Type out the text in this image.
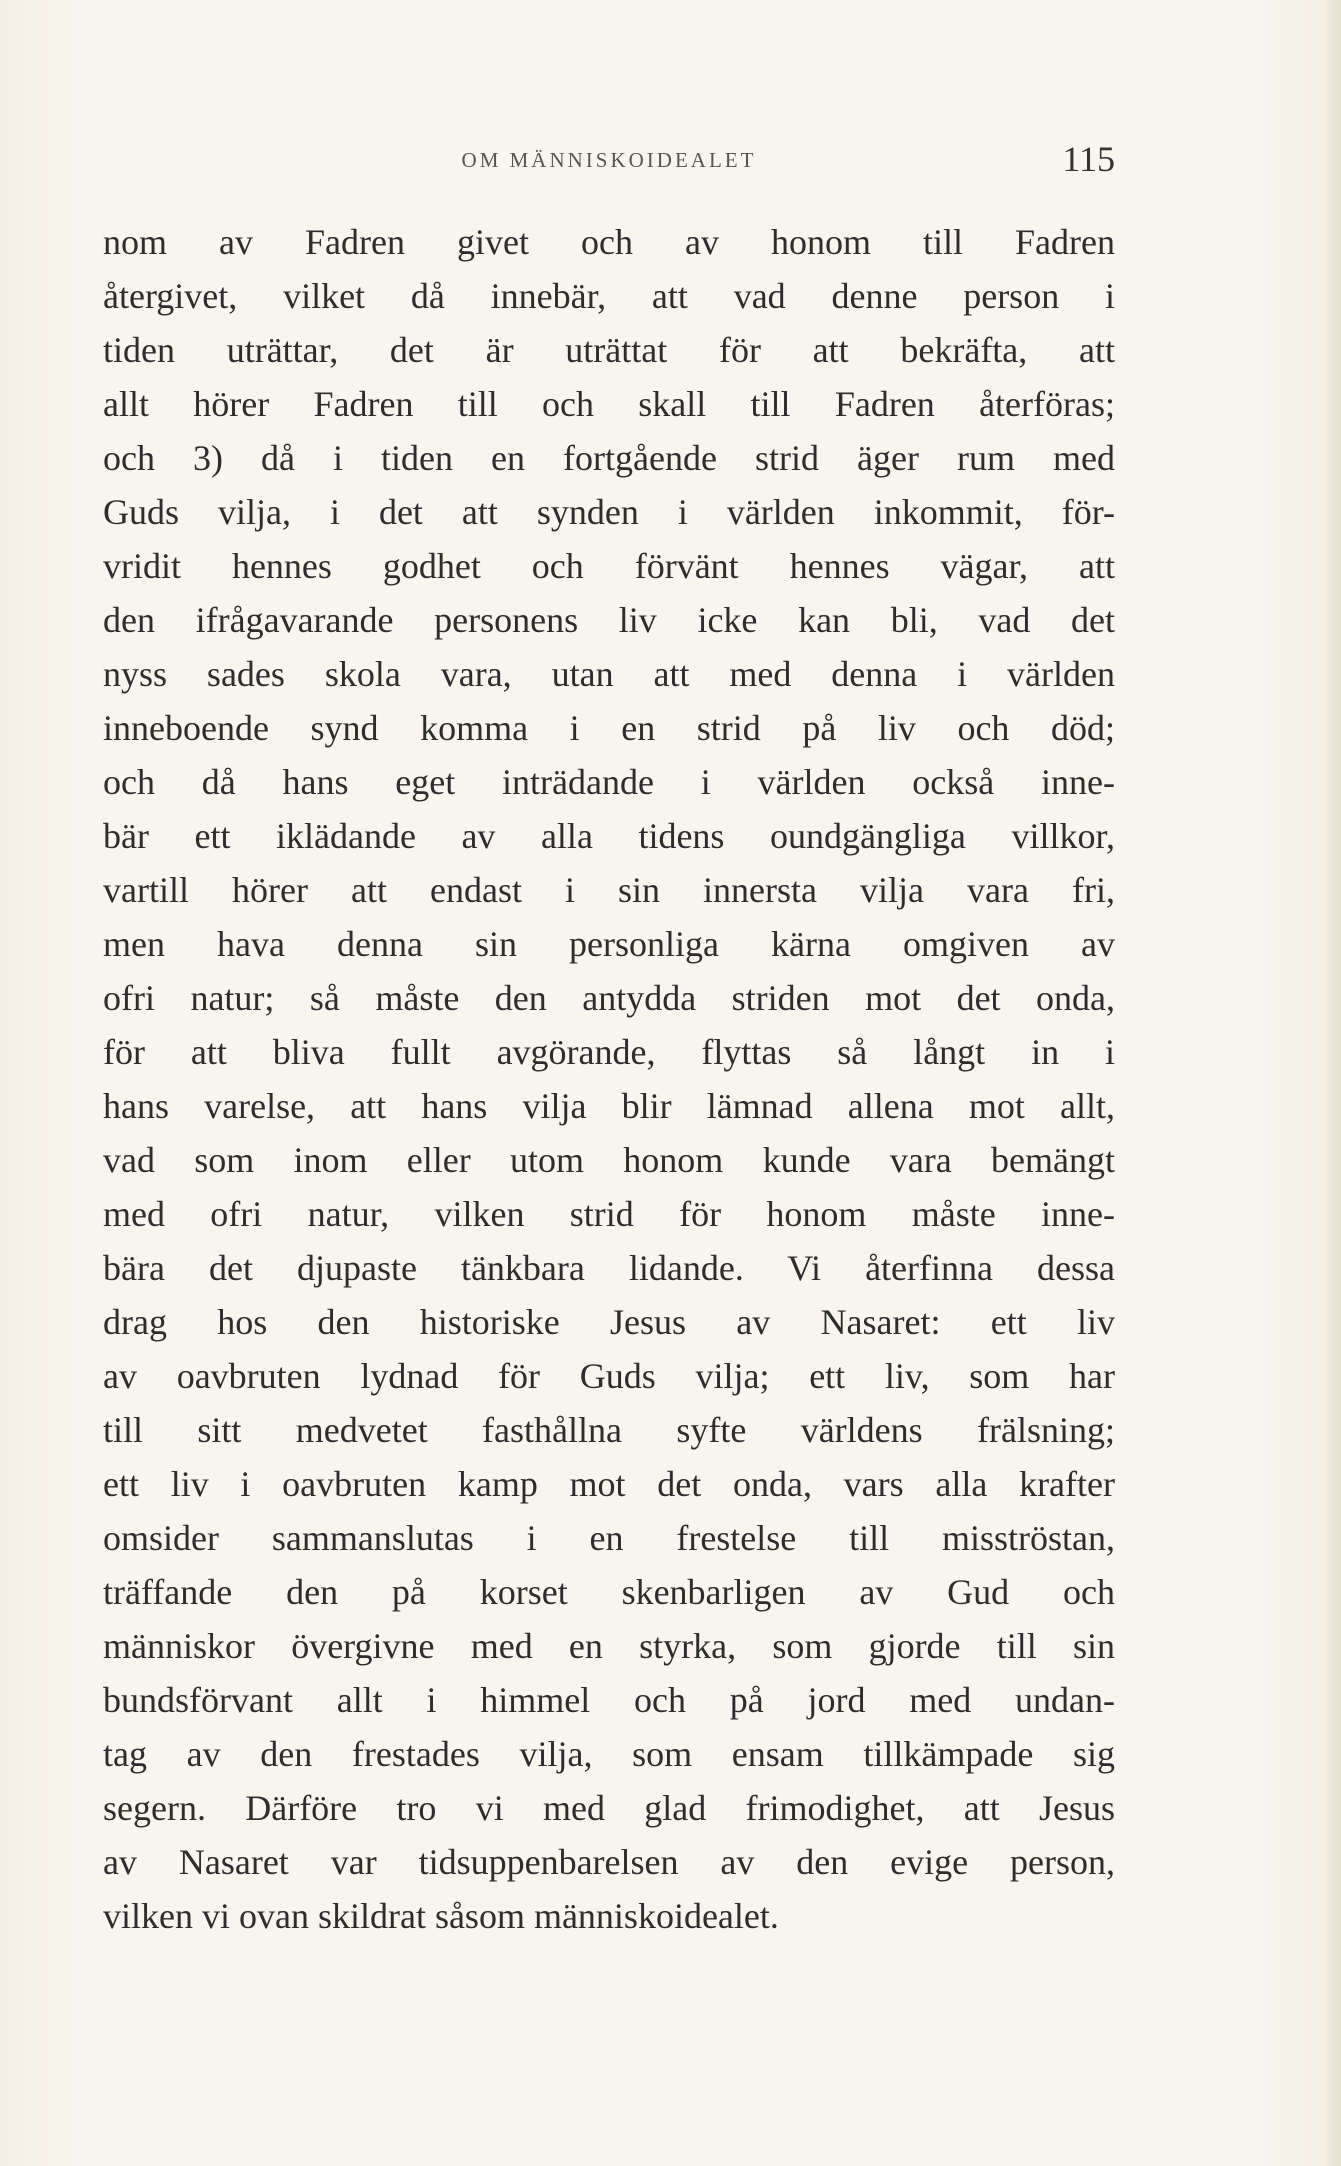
OM MÄNNISKOIDEALET	115
nom av Fadren givet och av honom till Fadren
återgivet, vilket då innebär, att vad denne person i
tiden uträttar, det är uträttat för att bekräfta, att
allt hörer Fadren till och skall till Fadren återföras;
och 3) då i tiden en fortgående strid äger rum med
Guds vilja, i det att synden i världen inkommit, för-
vridit hennes godhet och förvänt hennes vägar, att
den ifrågavarande personens liv icke kan bli, vad det
nyss sades skola vara, utan att med denna i världen
inneboende synd komma i en strid på liv och död;
och då hans eget inträdande i världen också inne-
bär ett iklädande av alla tidens oundgängliga villkor,
vartill hörer att endast i sin innersta vilja vara fri,
men hava denna sin personliga kärna omgiven av
ofri natur; så måste den antydda striden mot det onda,
för att bliva fullt avgörande, flyttas så långt in i
hans varelse, att hans vilja blir lämnad allena mot allt,
vad som inom eller utom honom kunde vara bemängt
med ofri natur, vilken strid för honom måste inne-
bära det djupaste tänkbara lidande. Vi återfinna dessa
drag hos den historiske Jesus av Nasaret: ett liv
av oavbruten lydnad för Guds vilja; ett liv, som har
till sitt medvetet fasthållna syfte världens frälsning;
ett liv i oavbruten kamp mot det onda, vars alla krafter
omsider sammanslutas i en frestelse till misströstan,
träffande den på korset skenbarligen av Gud och
människor övergivne med en styrka, som gjorde till sin
bundsförvant allt i himmel och på jord med undan-
tag av den frestades vilja, som ensam tillkämpade sig
segern. Därföre tro vi med glad frimodighet, att Jesus
av Nasaret var tidsuppenbarelsen av den evige person,
vilken vi ovan skildrat såsom människoidealet.
